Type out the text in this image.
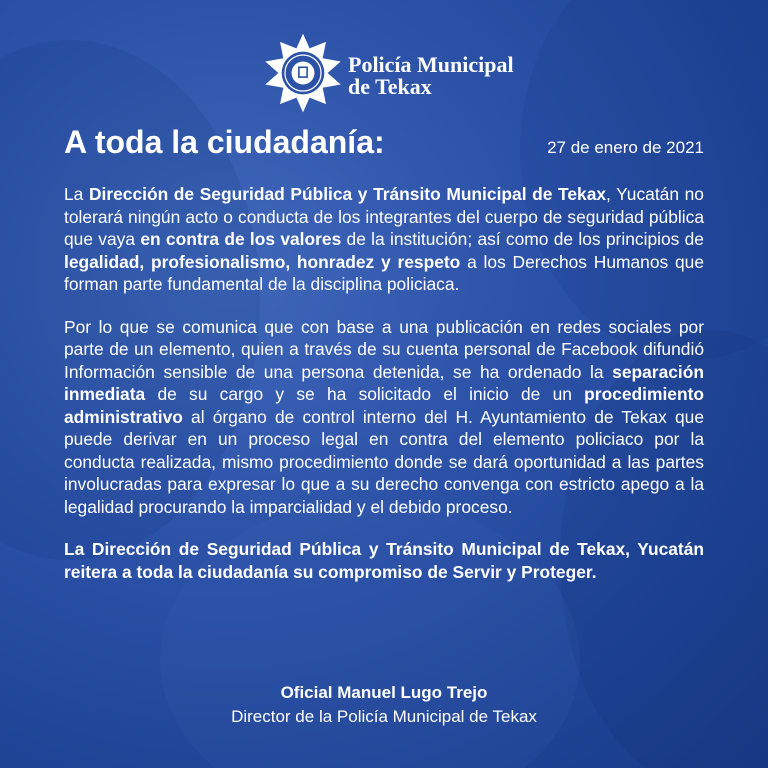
Policía Municipal
de Tekax
A toda la ciudadanía:	27 de enero de 2021

La Dirección de Seguridad Pública y Tránsito Municipal de Tekax, Yucatán no tolerará ningún acto o conducta de los integrantes del cuerpo de seguridad pública que vaya en contra de los valores de la institución; así como de los principios de legalidad, profesionalismo, honradez y respeto a los Derechos Humanos que forman parte fundamental de la disciplina policiaca.

Por lo que se comunica que con base a una publicación en redes sociales por parte de un elemento, quien a través de su cuenta personal de Facebook difundió Información sensible de una persona detenida, se ha ordenado la separación inmediata de su cargo y se ha solicitado el inicio de un procedimiento administrativo al órgano de control interno del H. Ayuntamiento de Tekax que puede derivar en un proceso legal en contra del elemento policiaco por la conducta realizada, mismo procedimiento donde se dará oportunidad a las partes involucradas para expresar lo que a su derecho convenga con estricto apego a la legalidad procurando la imparcialidad y el debido proceso.

La Dirección de Seguridad Pública y Tránsito Municipal de Tekax, Yucatán reitera a toda la ciudadanía su compromiso de Servir y Proteger.

Oficial Manuel Lugo Trejo
Director de la Policía Municipal de Tekax
